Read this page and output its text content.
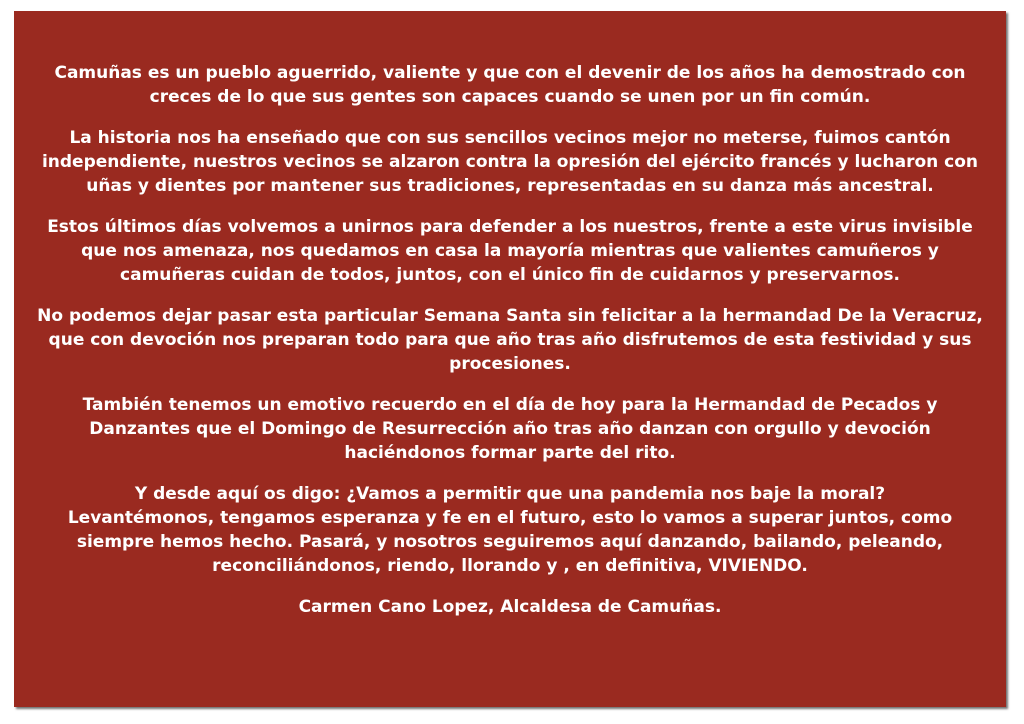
Camuñas es un pueblo aguerrido, valiente y que con el devenir de los años ha demostrado con creces de lo que sus gentes son capaces cuando se unen por un fin común.

La historia nos ha enseñado que con sus sencillos vecinos mejor no meterse, fuimos cantón independiente, nuestros vecinos se alzaron contra la opresión del ejército francés y lucharon con uñas y dientes por mantener sus tradiciones, representadas en su danza más ancestral.

Estos últimos días volvemos a unirnos para defender a los nuestros, frente a este virus invisible que nos amenaza, nos quedamos en casa la mayoría mientras que valientes camuñeros y camuñeras cuidan de todos, juntos, con el único fin de cuidarnos y preservarnos.

No podemos dejar pasar esta particular Semana Santa sin felicitar a la hermandad De la Veracruz, que con devoción nos preparan todo para que año tras año disfrutemos de esta festividad y sus procesiones.

También tenemos un emotivo recuerdo en el día de hoy para la Hermandad de Pecados y Danzantes que el Domingo de Resurrección año tras año danzan con orgullo y devoción haciéndonos formar parte del rito.

Y desde aquí os digo: ¿Vamos a permitir que una pandemia nos baje la moral?

Levantémonos, tengamos esperanza y fe en el futuro, esto lo vamos a superar juntos, como siempre hemos hecho. Pasará, y nosotros seguiremos aquí danzando, bailando, peleando, reconciliándonos, riendo, llorando y , en definitiva, VIVIENDO.

Carmen Cano Lopez, Alcaldesa de Camuñas.
